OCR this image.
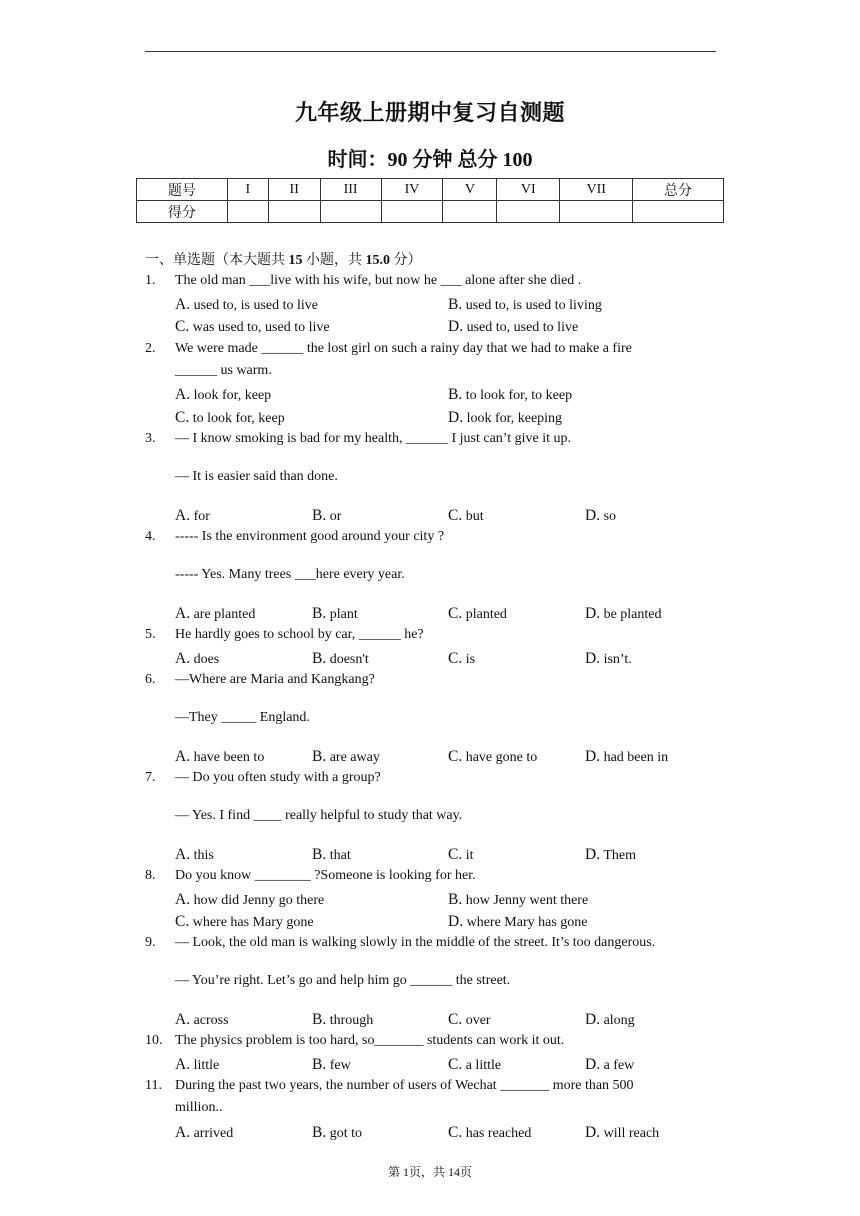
九年级上册期中复习自测题
时间：90 分钟 总分 100
题号	I	II	III	IV	V	VI	VII	总分
得分								
一、单选题（本大题共 15 小题，共 15.0 分）
1. The old man ___live with his wife, but now he ___ alone after she died .
A. used to, is used to live	B. used to, is used to living
C. was used to, used to live	D. used to, used to live
2. We were made ______ the lost girl on such a rainy day that we had to make a fire
______ us warm.
A. look for, keep	B. to look for, to keep
C. to look for, keep	D. look for, keeping
3. — I know smoking is bad for my health, ______ I just can’t give it up.
— It is easier said than done.
A. for	B. or	C. but	D. so
4. ----- Is the environment good around your city ?
----- Yes. Many trees ___here every year.
A. are planted	B. plant	C. planted	D. be planted
5. He hardly goes to school by car, ______ he?
A. does	B. doesn't	C. is	D. isn’t.
6. —Where are Maria and Kangkang?
—They _____ England.
A. have been to	B. are away	C. have gone to	D. had been in
7. — Do you often study with a group?
— Yes. I find ____ really helpful to study that way.
A. this	B. that	C. it	D. Them
8. Do you know ________ ?Someone is looking for her.
A. how did Jenny go there	B. how Jenny went there
C. where has Mary gone	D. where Mary has gone
9. — Look, the old man is walking slowly in the middle of the street. It’s too dangerous.
— You’re right. Let’s go and help him go ______ the street.
A. across	B. through	C. over	D. along
10. The physics problem is too hard, so_______ students can work it out.
A. little	B. few	C. a little	D. a few
11. During the past two years, the number of users of Wechat _______ more than 500
million..
A. arrived	B. got to	C. has reached	D. will reach
第 1页，共 14页
